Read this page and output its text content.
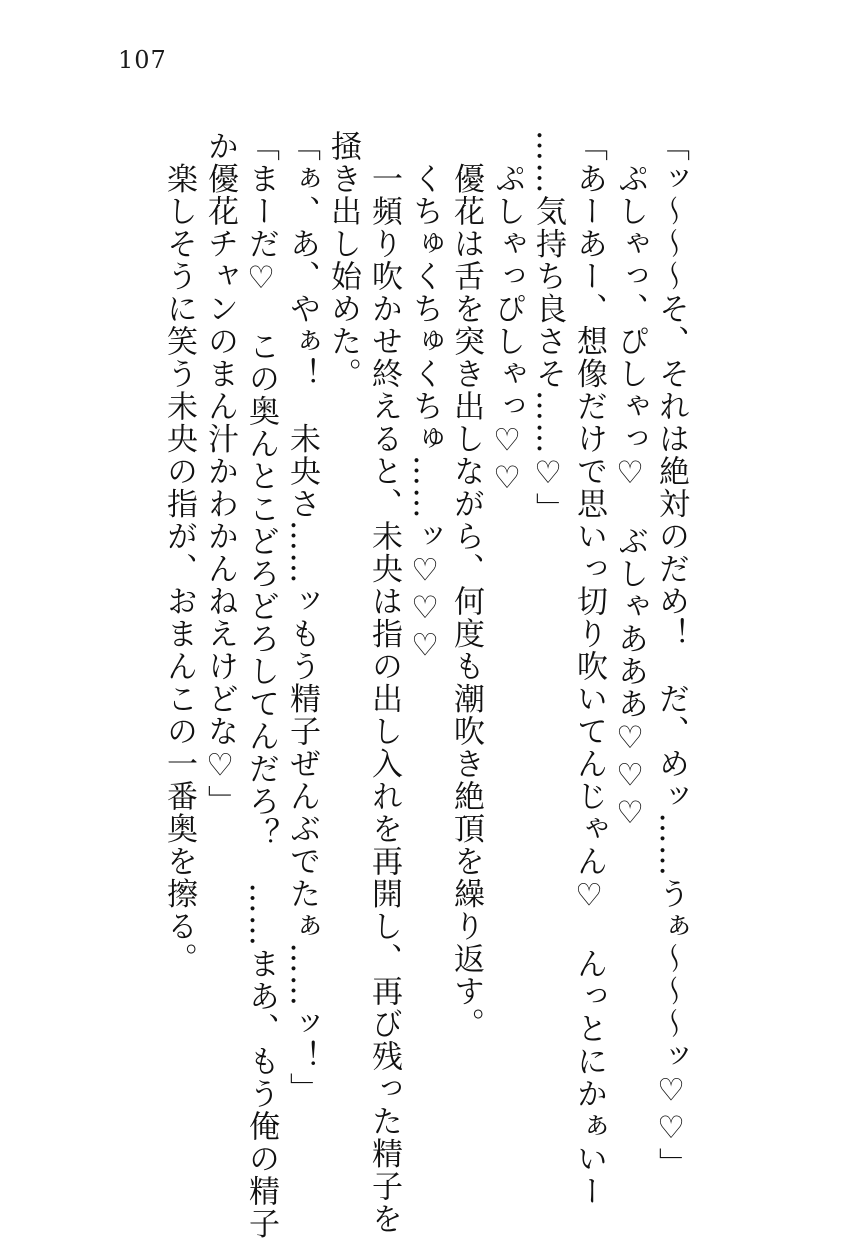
107
「ッ〜〜〜そ、それは絶対のだめ！　だ、めッ……うぁ〜〜〜ッ♡♡」
　ぷしゃっ、ぴしゃっ♡　ぶしゃあああ♡♡♡
「あーあー、想像だけで思いっ切り吹いてんじゃん♡　んっとにかぁいー
……気持ち良さそ……♡」
　ぷしゃっぴしゃっ♡♡
　優花は舌を突き出しながら、何度も潮吹き絶頂を繰り返す。
　くちゅくちゅくちゅ……ッ♡♡♡
　一頻り吹かせ終えると、未央は指の出し入れを再開し、再び残った精子を
掻き出し始めた。
「ぁ、あ、やぁ！　未央さ……ッもう精子ぜんぶでたぁ……ッ！」
「まーだ♡　この奥んとこどろどろしてんだろ？　……まあ、もう俺の精子
か優花チャンのまん汁かわかんねえけどな♡」
　楽しそうに笑う未央の指が、おまんこの一番奥を擦る。
